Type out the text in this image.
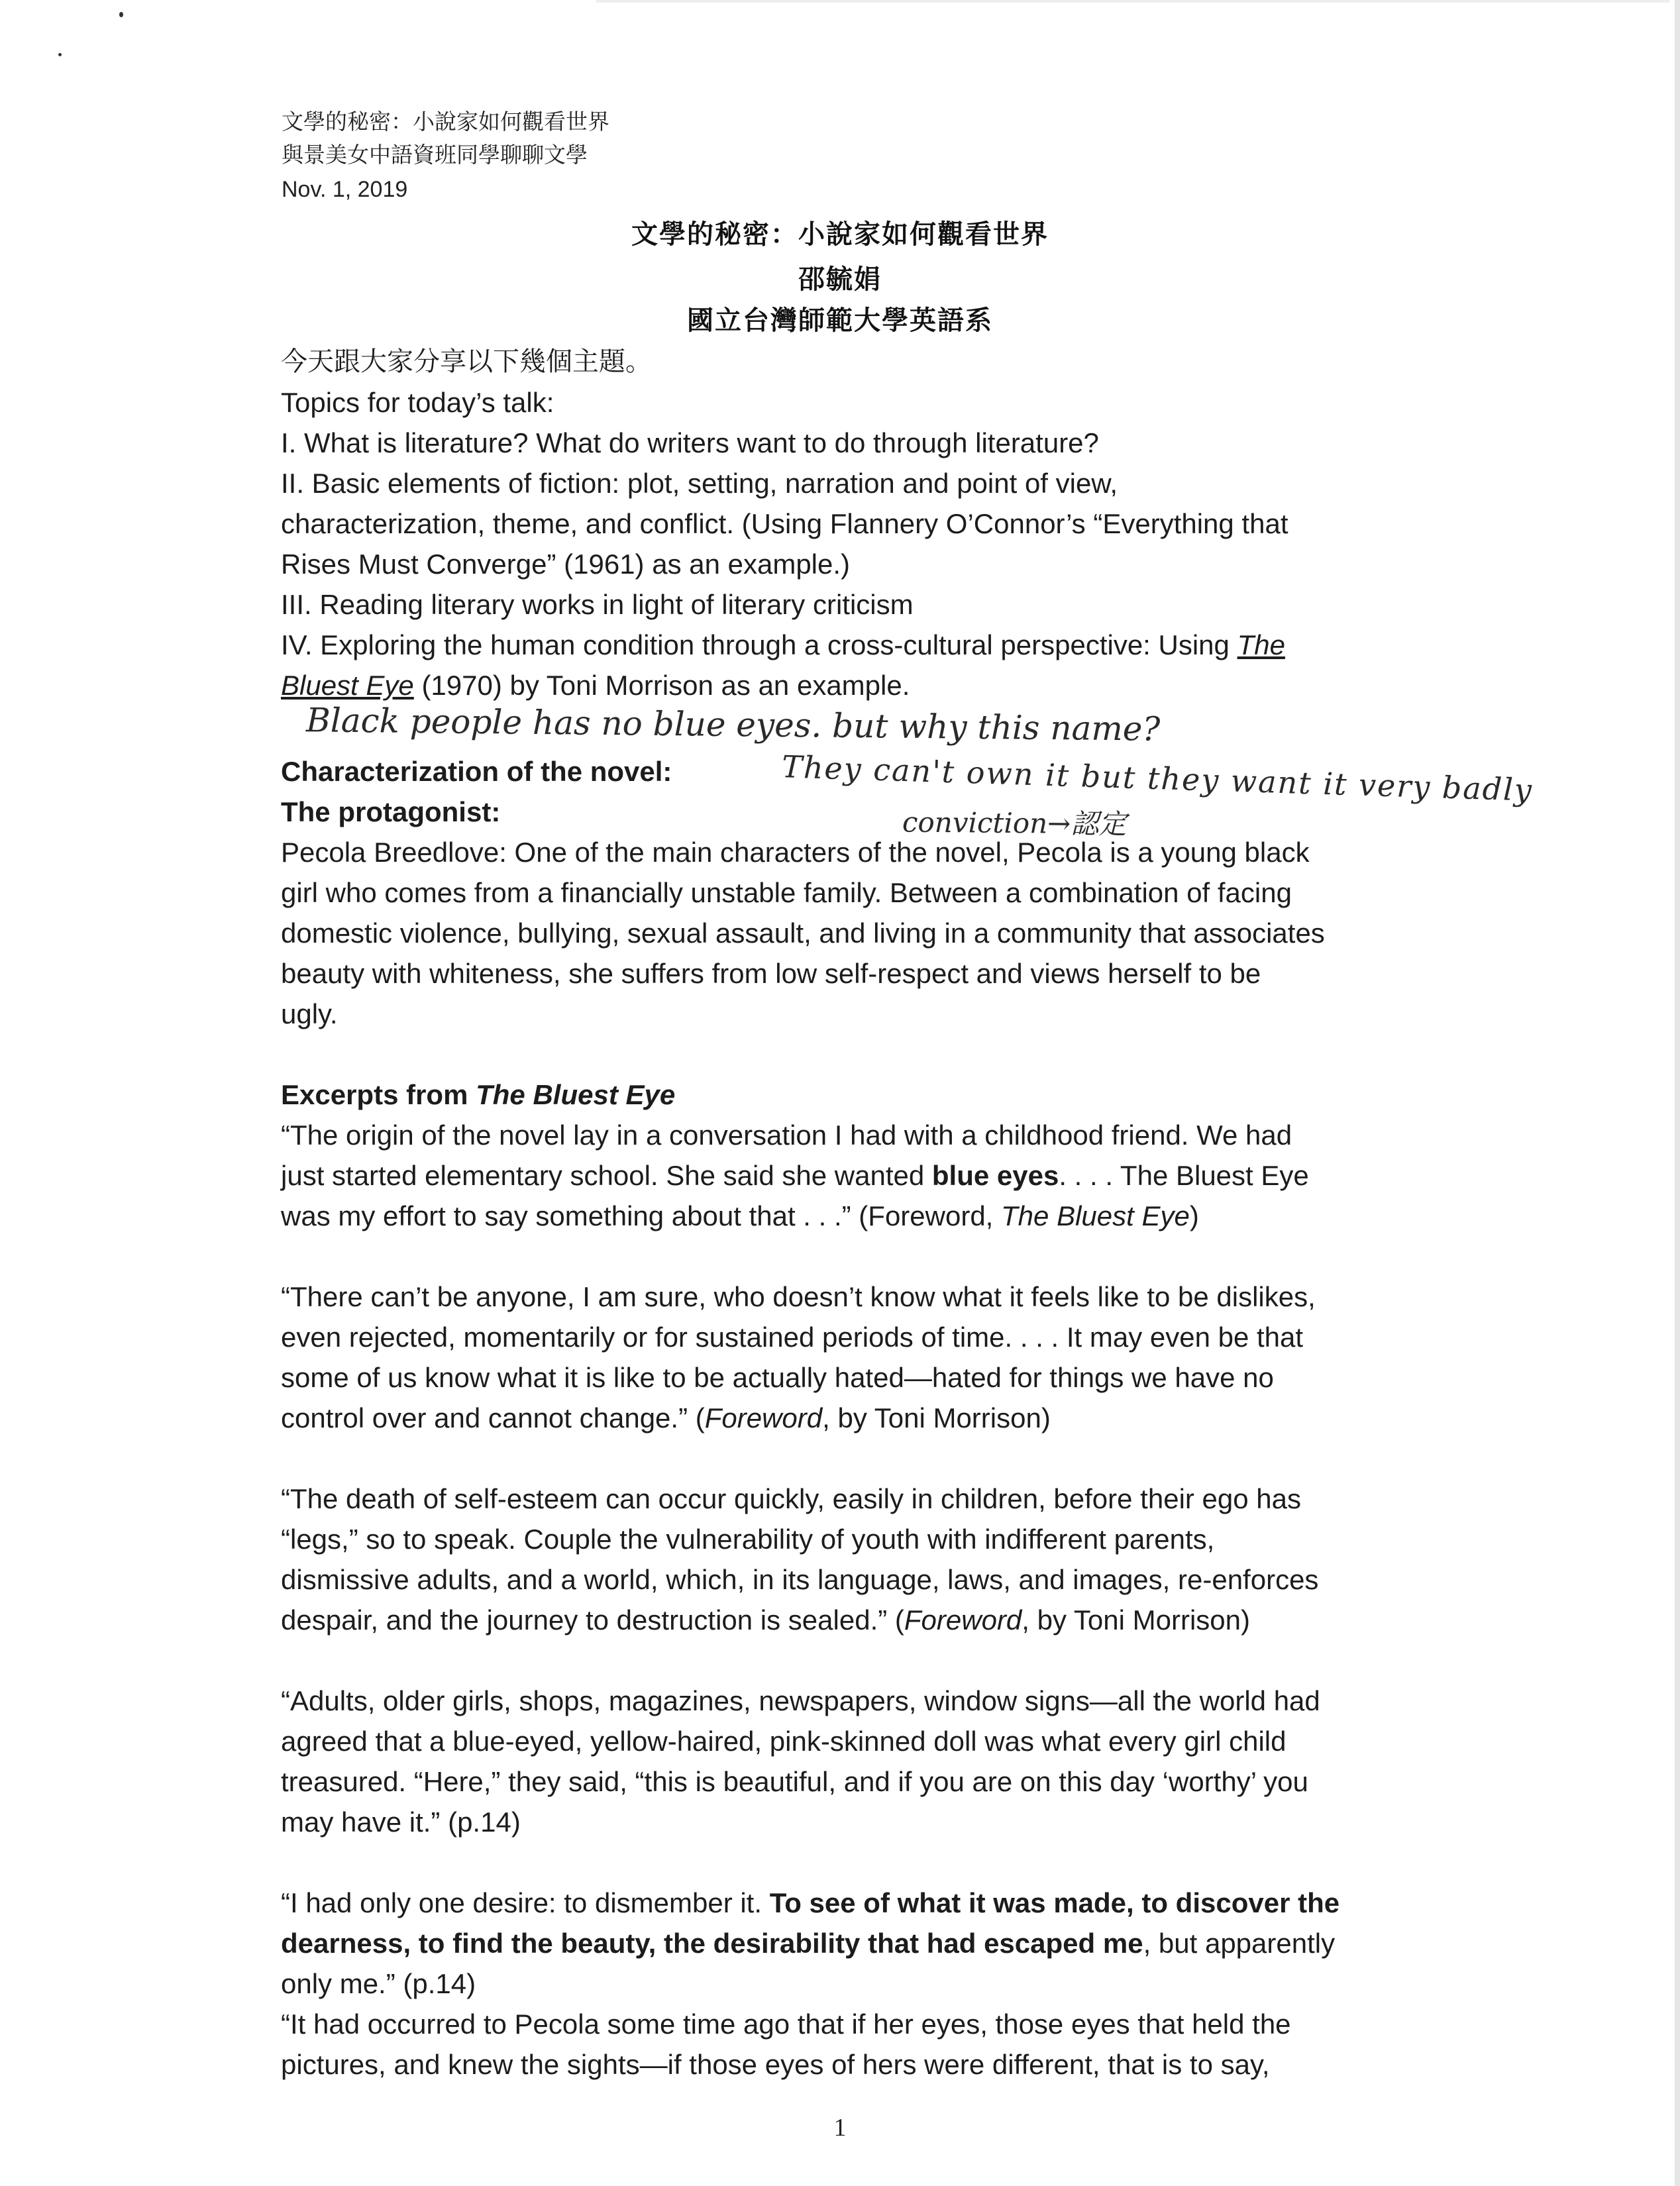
文學的秘密：小說家如何觀看世界
與景美女中語資班同學聊聊文學
Nov. 1, 2019
文學的秘密：小說家如何觀看世界
邵毓娟
國立台灣師範大學英語系

今天跟大家分享以下幾個主題。

Topics for today’s talk:

I. What is literature? What do writers want to do through literature?

II. Basic elements of fiction: plot, setting, narration and point of view,

characterization, theme, and conflict. (Using Flannery O’Connor’s “Everything that

Rises Must Converge” (1961) as an example.)

III. Reading literary works in light of literary criticism

IV. Exploring the human condition through a cross-cultural perspective: Using The

Bluest Eye (1970) by Toni Morrison as an example.

Black people has no blue eyes. but why this name?
They can't own it but they want it very badly
conviction→認定

Characterization of the novel:

The protagonist:

Pecola Breedlove: One of the main characters of the novel, Pecola is a young black

girl who comes from a financially unstable family. Between a combination of facing

domestic violence, bullying, sexual assault, and living in a community that associates

beauty with whiteness, she suffers from low self-respect and views herself to be

ugly.

Excerpts from The Bluest Eye

“The origin of the novel lay in a conversation I had with a childhood friend. We had

just started elementary school. She said she wanted blue eyes. . . . The Bluest Eye

was my effort to say something about that . . .” (Foreword, The Bluest Eye)

“There can’t be anyone, I am sure, who doesn’t know what it feels like to be dislikes,

even rejected, momentarily or for sustained periods of time. . . . It may even be that

some of us know what it is like to be actually hated—hated for things we have no

control over and cannot change.” (Foreword, by Toni Morrison)

“The death of self-esteem can occur quickly, easily in children, before their ego has

“legs,” so to speak. Couple the vulnerability of youth with indifferent parents,

dismissive adults, and a world, which, in its language, laws, and images, re-enforces

despair, and the journey to destruction is sealed.” (Foreword, by Toni Morrison)

“Adults, older girls, shops, magazines, newspapers, window signs—all the world had

agreed that a blue-eyed, yellow-haired, pink-skinned doll was what every girl child

treasured. “Here,” they said, “this is beautiful, and if you are on this day ‘worthy’ you

may have it.” (p.14)

“I had only one desire: to dismember it. To see of what it was made, to discover the

dearness, to find the beauty, the desirability that had escaped me, but apparently

only me.” (p.14)

“It had occurred to Pecola some time ago that if her eyes, those eyes that held the

pictures, and knew the sights—if those eyes of hers were different, that is to say,

1
